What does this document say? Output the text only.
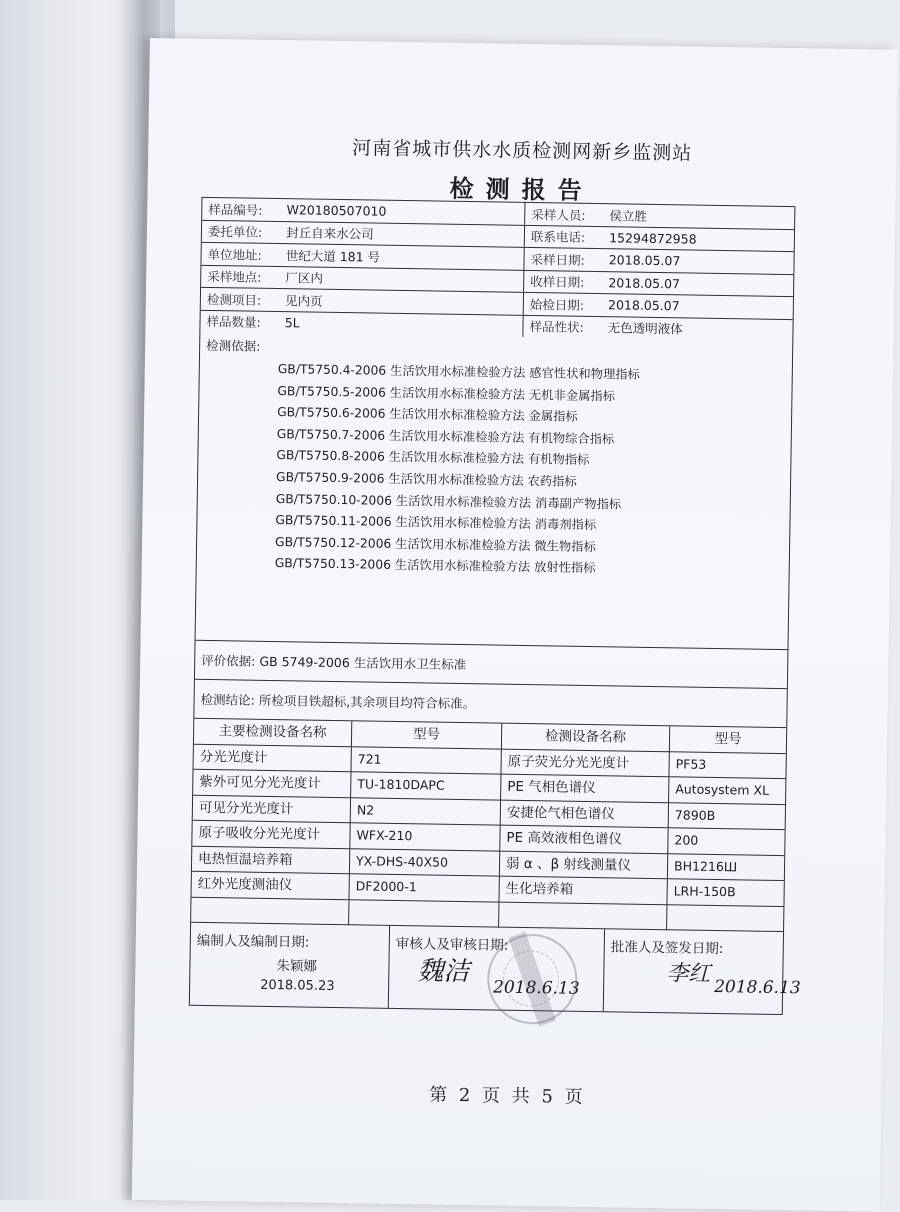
河南省城市供水水质检测网新乡监测站
检测报告
样品编号:	W20180507010	采样人员:	侯立胜
委托单位:	封丘自来水公司	联系电话:	15294872958
单位地址:	世纪大道 181 号	采样日期:	2018.05.07
采样地点:	厂区内	收样日期:	2018.05.07
检测项目:	见内页	始检日期:	2018.05.07
样品数量:	5L	样品性状:	无色透明液体
检测依据:
GB/T5750.4-2006 生活饮用水标准检验方法 感官性状和物理指标
GB/T5750.5-2006 生活饮用水标准检验方法 无机非金属指标
GB/T5750.6-2006 生活饮用水标准检验方法 金属指标
GB/T5750.7-2006 生活饮用水标准检验方法 有机物综合指标
GB/T5750.8-2006 生活饮用水标准检验方法 有机物指标
GB/T5750.9-2006 生活饮用水标准检验方法 农药指标
GB/T5750.10-2006 生活饮用水标准检验方法 消毒副产物指标
GB/T5750.11-2006 生活饮用水标准检验方法 消毒剂指标
GB/T5750.12-2006 生活饮用水标准检验方法 微生物指标
GB/T5750.13-2006 生活饮用水标准检验方法 放射性指标
评价依据: GB 5749-2006 生活饮用水卫生标准
检测结论: 所检项目铁超标,其余项目均符合标准。
主要检测设备名称	型号	检测设备名称	型号
分光光度计	721	原子荧光分光光度计	PF53
紫外可见分光光度计	TU-1810DAPC	PE 气相色谱仪	Autosystem XL
可见分光光度计	N2	安捷伦气相色谱仪	7890B
原子吸收分光光度计	WFX-210	PE 高效液相色谱仪	200
电热恒温培养箱	YX-DHS-40X50	弱 α 、β 射线测量仪	BH1216Ш
红外光度测油仪	DF2000-1	生化培养箱	LRH-150B
编制人及编制日期:
朱颖娜
2018.05.23
审核人及审核日期:
魏洁
2018.6.13
批准人及签发日期:
李红
2018.6.13
第 2 页 共 5 页
